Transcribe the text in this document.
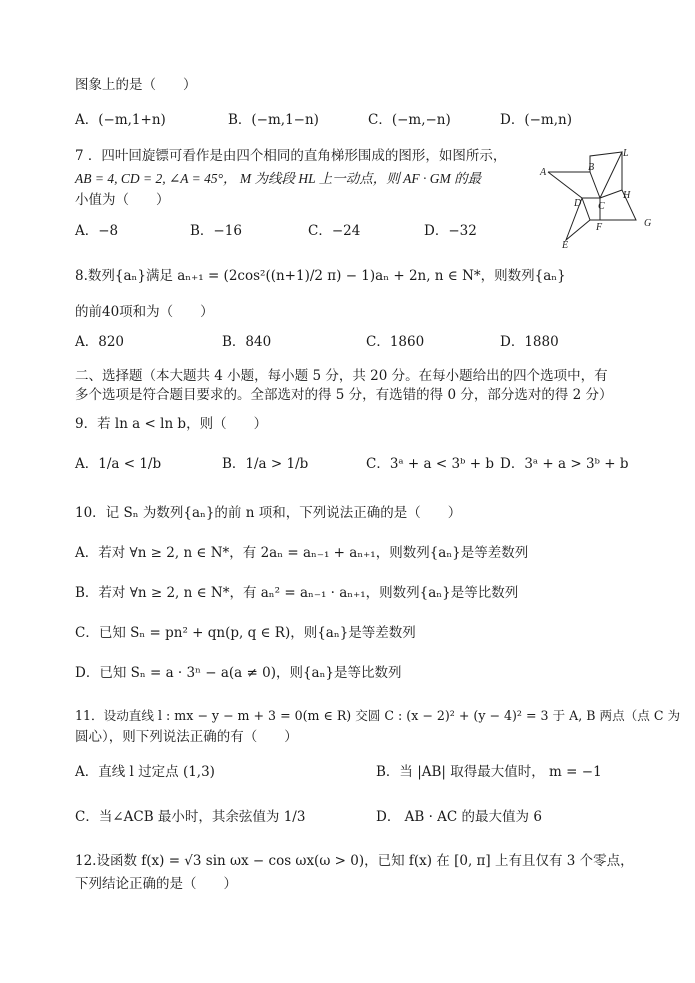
图象上的是（　　）
A．(−m,1+n)	B．(−m,1−n)	C．(−m,−n)	D．(−m,n)
7 ．四叶回旋镖可看作是由四个相同的直角梯形围成的图形，如图所示，
AB = 4, CD = 2, ∠A = 45°， M 为线段 HL 上一动点，则 AF · GM 的最
小值为（　　）
A．−8	B．−16	C．−24	D．−32
A	B
L
D C
H
F	G
E
8.数列{aₙ}满足 aₙ₊₁ = (2cos²((n+1)/2 π) − 1)aₙ + 2n, n ∈ N*，则数列{aₙ}
的前40项和为（　　）
A．820	B．840	C．1860	D．1880
二、选择题（本大题共 4 小题，每小题 5 分，共 20 分。在每小题给出的四个选项中，有
多个选项是符合题目要求的。全部选对的得 5 分，有选错的得 0 分，部分选对的得 2 分）
9．若 ln a < ln b，则（　　）
A．1/a < 1/b	B．1/a > 1/b	C．3ᵃ + a < 3ᵇ + b D．3ᵃ + a > 3ᵇ + b
10．记 Sₙ 为数列{aₙ}的前 n 项和，下列说法正确的是（　　）
A．若对 ∀n ≥ 2, n ∈ N*，有 2aₙ = aₙ₋₁ + aₙ₊₁，则数列{aₙ}是等差数列
B．若对 ∀n ≥ 2, n ∈ N*，有 aₙ² = aₙ₋₁ · aₙ₊₁，则数列{aₙ}是等比数列
C．已知 Sₙ = pn² + qn(p, q ∈ R)，则{aₙ}是等差数列
D．已知 Sₙ = a · 3ⁿ − a(a ≠ 0)，则{aₙ}是等比数列
11．设动直线 l : mx − y − m + 3 = 0(m ∈ R) 交圆 C : (x − 2)² + (y − 4)² = 3 于 A, B 两点（点 C 为
圆心），则下列说法正确的有（　　）
A．直线 l 过定点 (1,3)	B．当 |AB| 取得最大值时， m = −1
C．当∠ACB 最小时，其余弦值为 1/3	D． AB · AC 的最大值为 6
12.设函数 f(x) = √3 sin ωx − cos ωx(ω > 0)，已知 f(x) 在 [0, π] 上有且仅有 3 个零点，
下列结论正确的是（　　）
